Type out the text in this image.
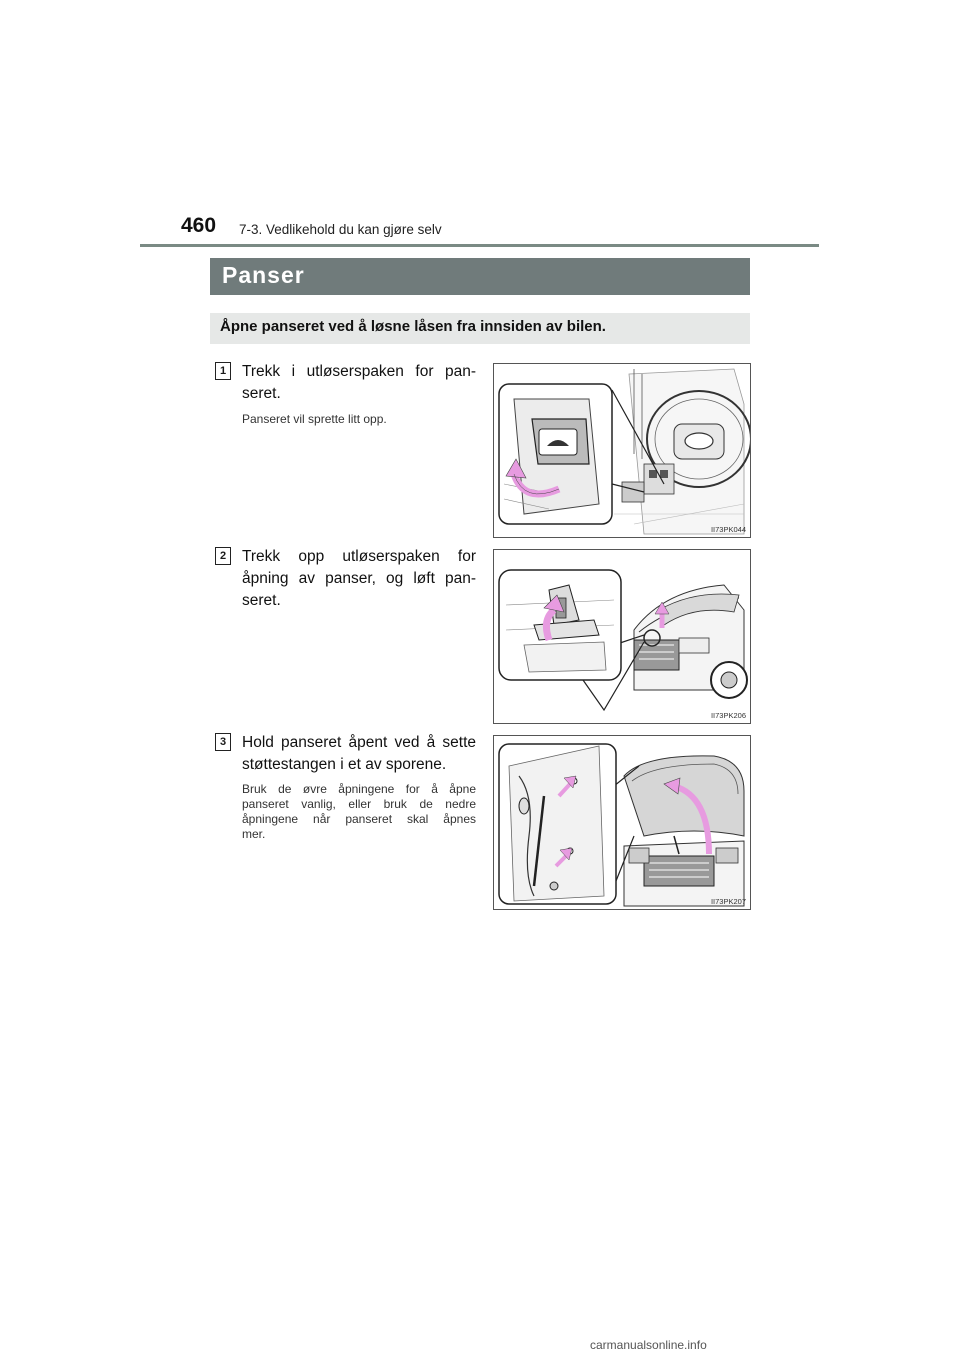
460 7-3. Vedlikehold du kan gjøre selv
Panser
Åpne panseret ved å løsne låsen fra innsiden av bilen.
1	Trekk i utløserspaken for pan-
seret.
Panseret vil sprette litt opp.
II73PK044
2	Trekk opp utløserspaken for
åpning av panser, og løft pan-
seret.
II73PK206
3	Hold panseret åpent ved å sette
støttestangen i et av sporene.
Bruk de øvre åpningene for å åpne
panseret vanlig, eller bruk de nedre
åpningene når panseret skal åpnes
mer.
II73PK207
carmanualsonline.info
